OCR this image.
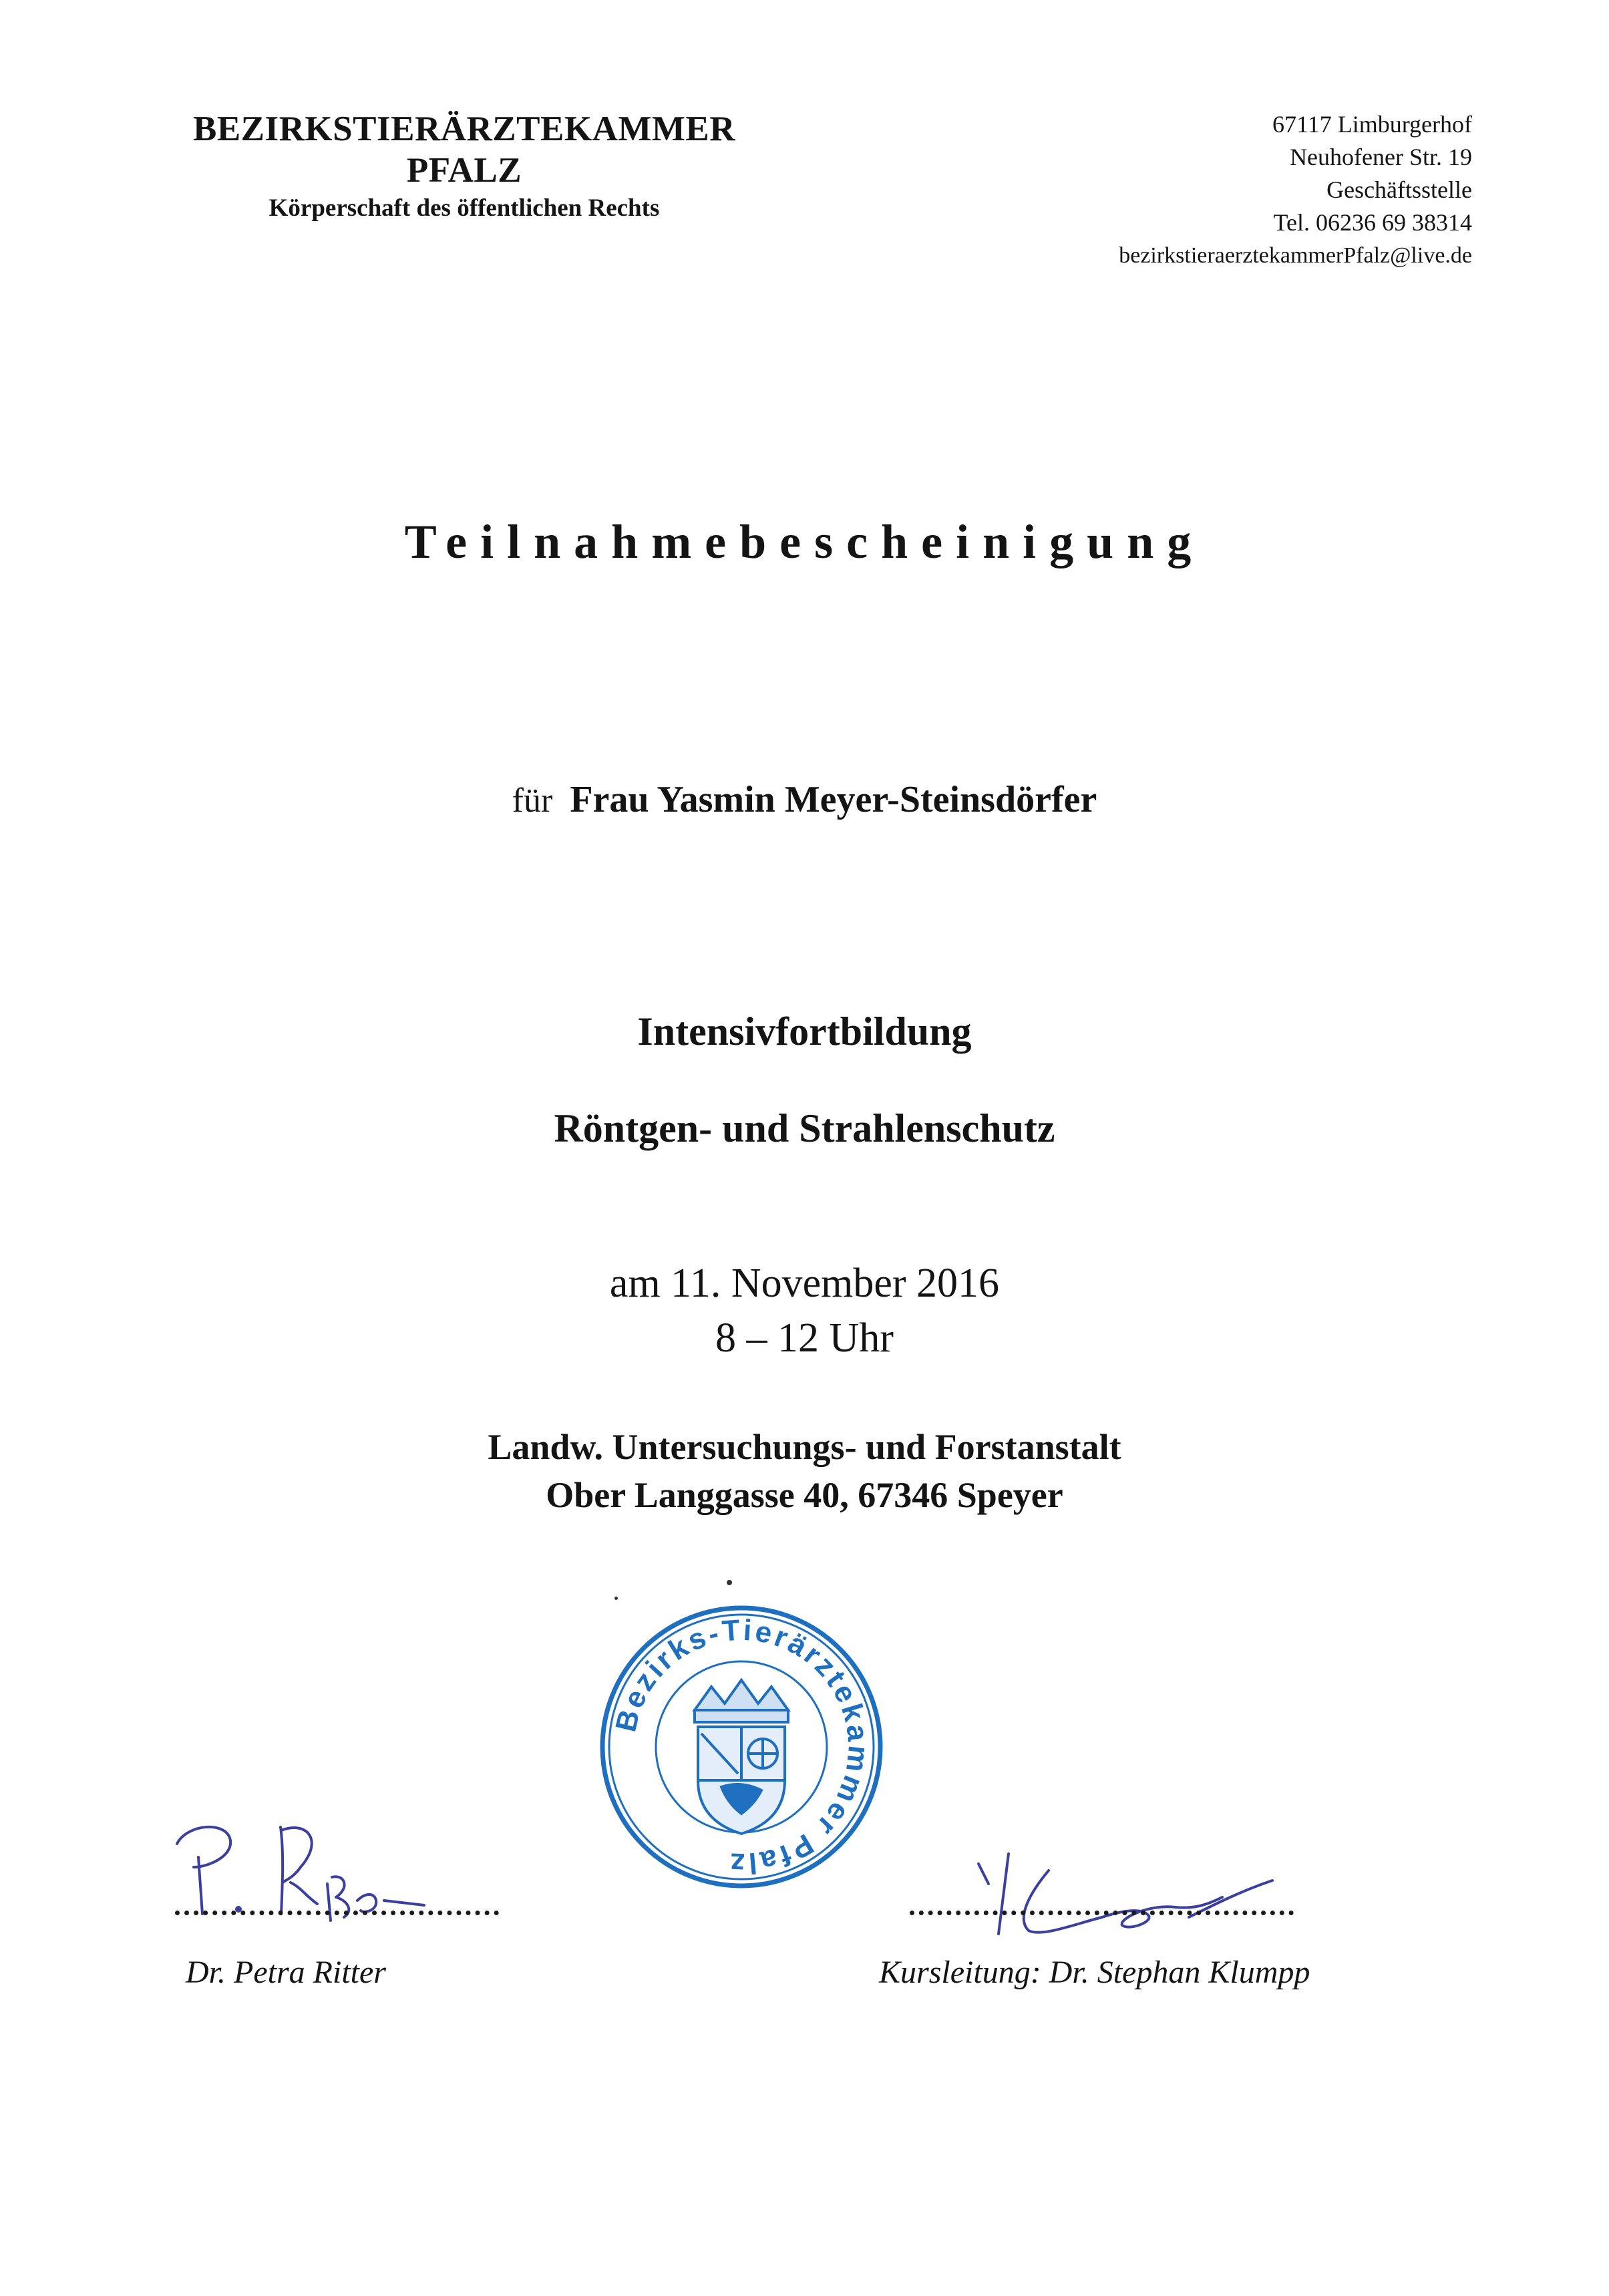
BEZIRKSTIERÄRZTEKAMMER
PFALZ
Körperschaft des öffentlichen Rechts
67117 Limburgerhof
Neuhofener Str. 19
Geschäftsstelle
Tel. 06236 69 38314
bezirkstieraerztekammerPfalz@live.de
Teilnahmebescheinigung
für Frau Yasmin Meyer-Steinsdörfer
Intensivfortbildung
Röntgen- und Strahlenschutz
am 11. November 2016
8 – 12 Uhr
Landw. Untersuchungs- und Forstanstalt
Ober Langgasse 40, 67346 Speyer
Bezirks-Tierärztekammer Pfalz
Dr. Petra Ritter	Kursleitung: Dr. Stephan Klumpp
